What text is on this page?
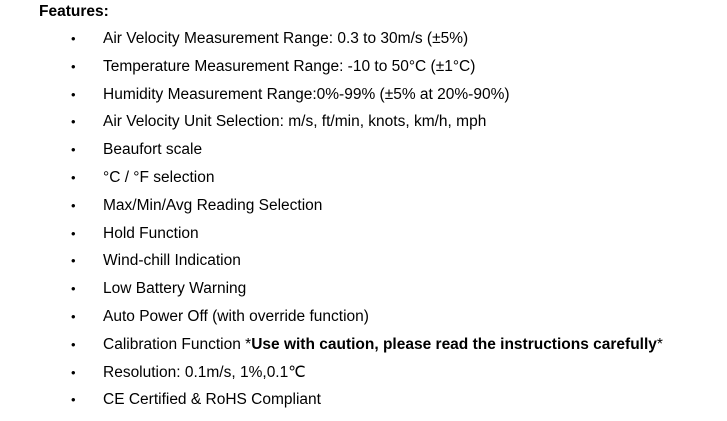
Features:
• Air Velocity Measurement Range: 0.3 to 30m/s (±5%)
• Temperature Measurement Range: -10 to 50°C (±1°C)
• Humidity Measurement Range:0%-99% (±5% at 20%-90%)
• Air Velocity Unit Selection: m/s, ft/min, knots, km/h, mph
• Beaufort scale
• °C / °F selection
• Max/Min/Avg Reading Selection
• Hold Function
• Wind-chill Indication
• Low Battery Warning
• Auto Power Off (with override function)
• Calibration Function *Use with caution, please read the instructions carefully*
• Resolution: 0.1m/s, 1%,0.1℃
• CE Certified & RoHS Compliant
